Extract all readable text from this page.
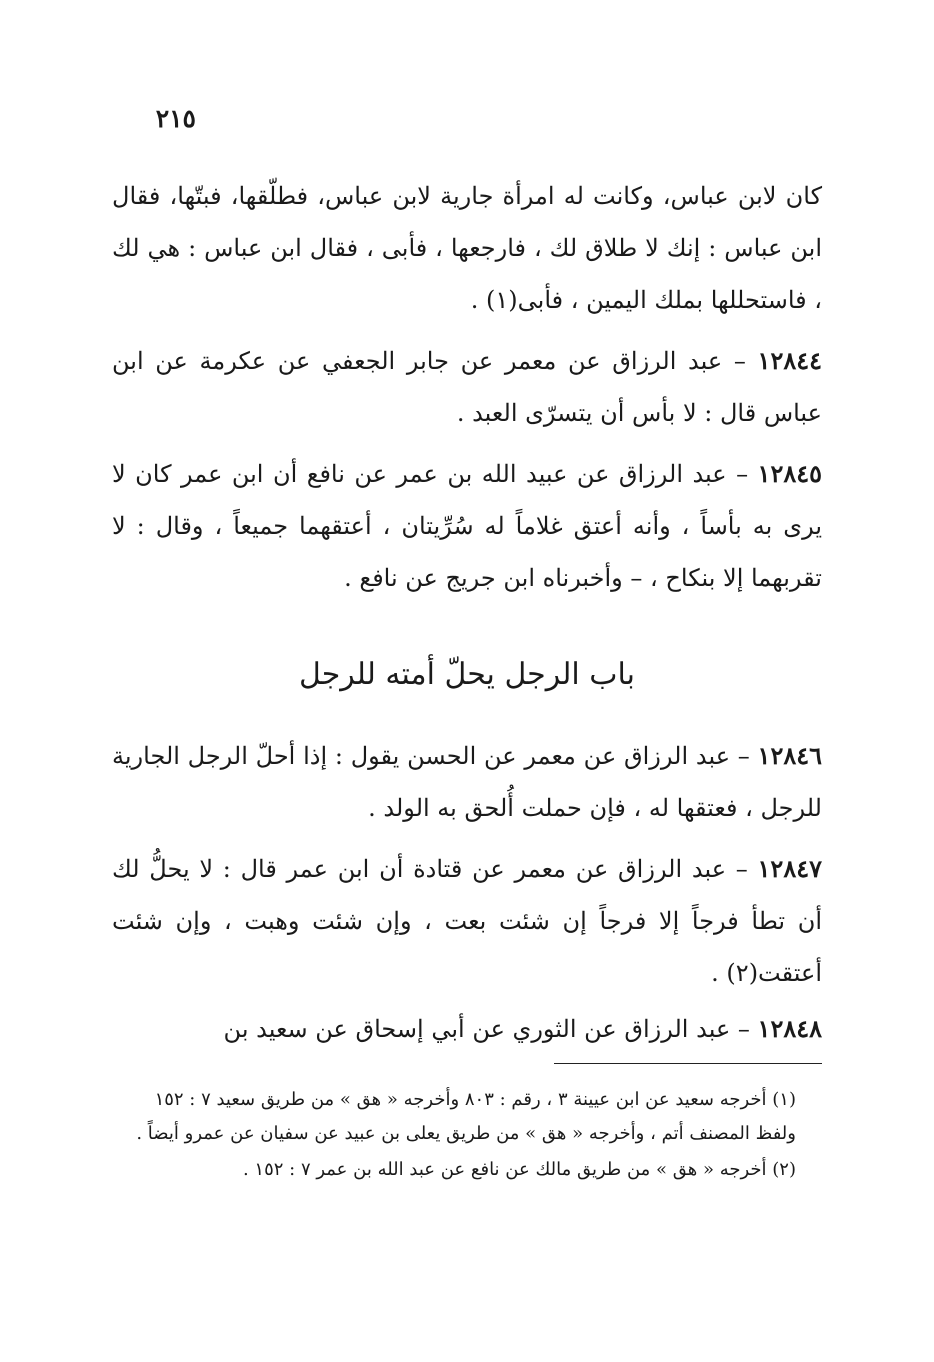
٢١٥
كان لابن عباس، وكانت له امرأة جارية لابن عباس، فطلّقها، فبتّها، فقال ابن عباس : إنك لا طلاق لك ، فارجعها ، فأبى ، فقال ابن عباس : هي لك ، فاستحللها بملك اليمين ، فأبى(١) .
١٢٨٤٤ – عبد الرزاق عن معمر عن جابر الجعفي عن عكرمة عن ابن عباس قال : لا بأس أن يتسرّى العبد .
١٢٨٤٥ – عبد الرزاق عن عبيد الله بن عمر عن نافع أن ابن عمر كان لا يرى به بأساً ، وأنه أعتق غلاماً له سُرِّيتان ، أعتقهما جميعاً ، وقال : لا تقربهما إلا بنكاح ، – وأخبرناه ابن جريج عن نافع .
باب الرجل يحلّ أمته للرجل
١٢٨٤٦ – عبد الرزاق عن معمر عن الحسن يقول : إذا أحلّ الرجل الجارية للرجل ، فعتقها له ، فإن حملت أُلحق به الولد .
١٢٨٤٧ – عبد الرزاق عن معمر عن قتادة أن ابن عمر قال : لا يحلُّ لك أن تطأ فرجاً إلا فرجاً إن شئت بعت ، وإن شئت وهبت ، وإن شئت أعتقت(٢) .
١٢٨٤٨ – عبد الرزاق عن الثوري عن أبي إسحاق عن سعيد بن

(١) أخرجه سعيد عن ابن عيينة ٣ ، رقم : ٨٠٣ وأخرجه « هق » من طريق سعيد ٧ : ١٥٢ ولفظ المصنف أتم ، وأخرجه « هق » من طريق يعلى بن عبيد عن سفيان عن عمرو أيضاً .

(٢) أخرجه « هق » من طريق مالك عن نافع عن عبد الله بن عمر ٧ : ١٥٢ .
